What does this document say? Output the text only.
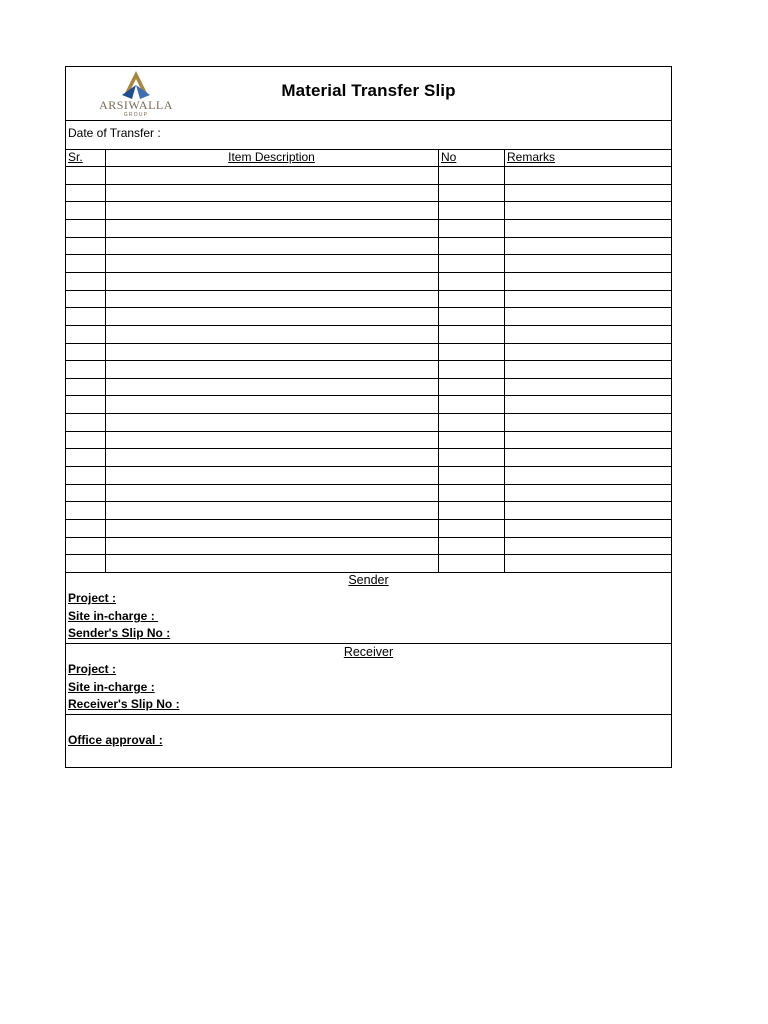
ARSIWALLA
GROUP
Material Transfer Slip
Date of Transfer :
Sr.	Item Description	No	Remarks
Sender
Project :
Site in-charge :
Sender's Slip No :
Receiver
Project :
Site in-charge :
Receiver's Slip No :
Office approval :
